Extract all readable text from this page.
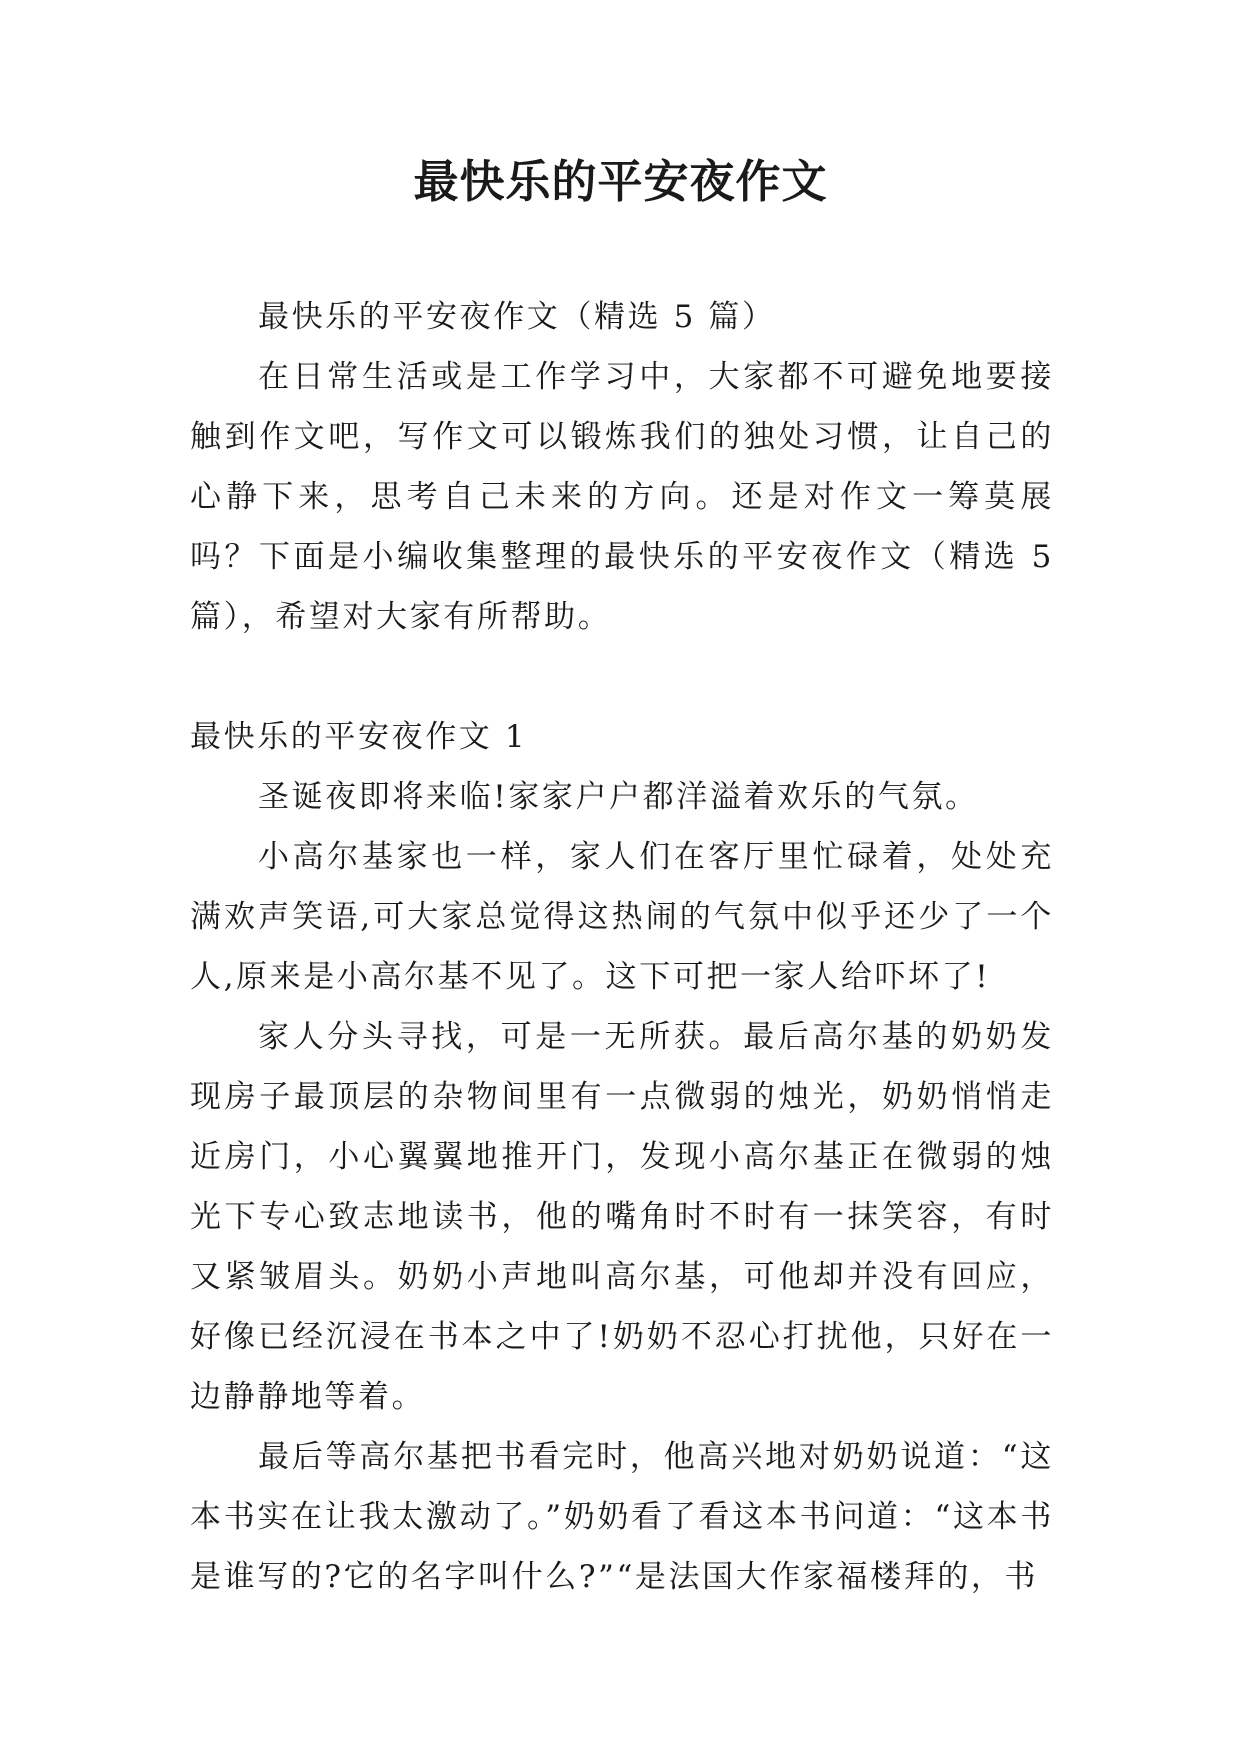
最快乐的平安夜作文

最快乐的平安夜作文（精选 5 篇）

在日常生活或是工作学习中，大家都不可避免地要接触到作文吧，写作文可以锻炼我们的独处习惯，让自己的心静下来，思考自己未来的方向。还是对作文一筹莫展吗？下面是小编收集整理的最快乐的平安夜作文（精选 5 篇），希望对大家有所帮助。

最快乐的平安夜作文 1

圣诞夜即将来临!家家户户都洋溢着欢乐的气氛。

小高尔基家也一样，家人们在客厅里忙碌着，处处充满欢声笑语,可大家总觉得这热闹的气氛中似乎还少了一个人,原来是小高尔基不见了。这下可把一家人给吓坏了!

家人分头寻找，可是一无所获。最后高尔基的奶奶发现房子最顶层的杂物间里有一点微弱的烛光，奶奶悄悄走近房门，小心翼翼地推开门，发现小高尔基正在微弱的烛光下专心致志地读书，他的嘴角时不时有一抹笑容，有时又紧皱眉头。奶奶小声地叫高尔基，可他却并没有回应，好像已经沉浸在书本之中了!奶奶不忍心打扰他，只好在一边静静地等着。

最后等高尔基把书看完时，他高兴地对奶奶说道：“这本书实在让我太激动了。”奶奶看了看这本书问道：“这本书是谁写的?它的名字叫什么?”“是法国大作家福楼拜的，书
